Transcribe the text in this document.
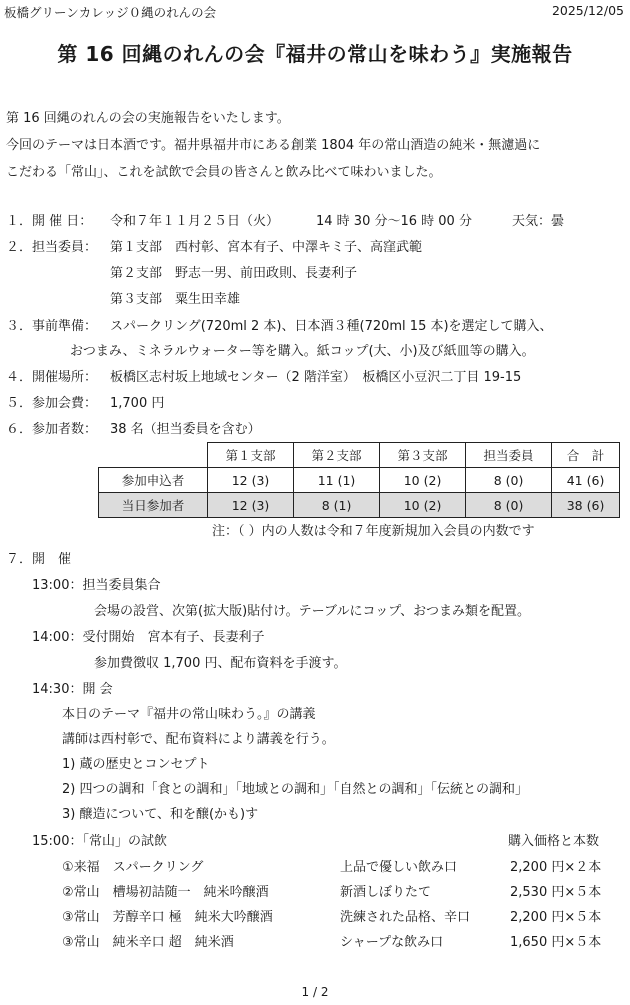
板橋グリーンカレッジ０縄のれんの会	2025/12/05
第 16 回縄のれんの会『福井の常山を味わう』実施報告
第 16 回縄のれんの会の実施報告をいたします。
今回のテーマは日本酒です。福井県福井市にある創業 1804 年の常山酒造の純米・無濾過に
こだわる「常山」、これを試飲で会員の皆さんと飲み比べて味わいました。
１．開 催 日： 令和７年１１月２５日（火）	14 時 30 分～16 時 00 分	天気：曇
２．担当委員： 第１支部　西村彰、宮本有子、中澤キミ子、高窪武範
第２支部　野志一男、前田政則、長妻利子
第３支部　粟生田幸雄
３．事前準備： スパークリング(720ml 2 本)、日本酒３種(720ml 15 本)を選定して購入、
おつまみ、ミネラルウォーター等を購入。紙コップ(大、小)及び紙皿等の購入。
４．開催場所： 板橋区志村坂上地域センター（2 階洋室）　板橋区小豆沢二丁目 19-15
５．参加会費： 1,700 円
６．参加者数： 38 名（担当委員を含む）
	第１支部	第２支部	第３支部	担当委員	合　計
参加申込者	12 (3)	11 (1)	10 (2)	8 (0)	41 (6)
当日参加者	12 (3)	8 (1)	10 (2)	8 (0)	38 (6)
注：（ ）内の人数は令和７年度新規加入会員の内数です
７．開　催
13:00：担当委員集合
会場の設営、次第(拡大版)貼付け。テーブルにコップ、おつまみ類を配置。
14:00：受付開始　宮本有子、長妻利子
参加費徴収 1,700 円、配布資料を手渡す。
14:30：開 会
本日のテーマ『福井の常山味わう。』の講義
講師は西村彰で、配布資料により講義を行う。
1) 蔵の歴史とコンセプト
2) 四つの調和「食との調和」「地域との調和」「自然との調和」「伝統との調和」
3) 醸造について、和を醸(かも)す
15:00：「常山」の試飲	購入価格と本数
①来福　スパークリング	上品で優しい飲み口	2,200 円×２本
②常山　槽場初詰随一　純米吟醸酒	新酒しぼりたて	2,530 円×５本
③常山　芳醇辛口 極　純米大吟醸酒	洗練された品格、辛口	2,200 円×５本
③常山　純米辛口 超　純米酒	シャープな飲み口	1,650 円×５本
1 / 2
